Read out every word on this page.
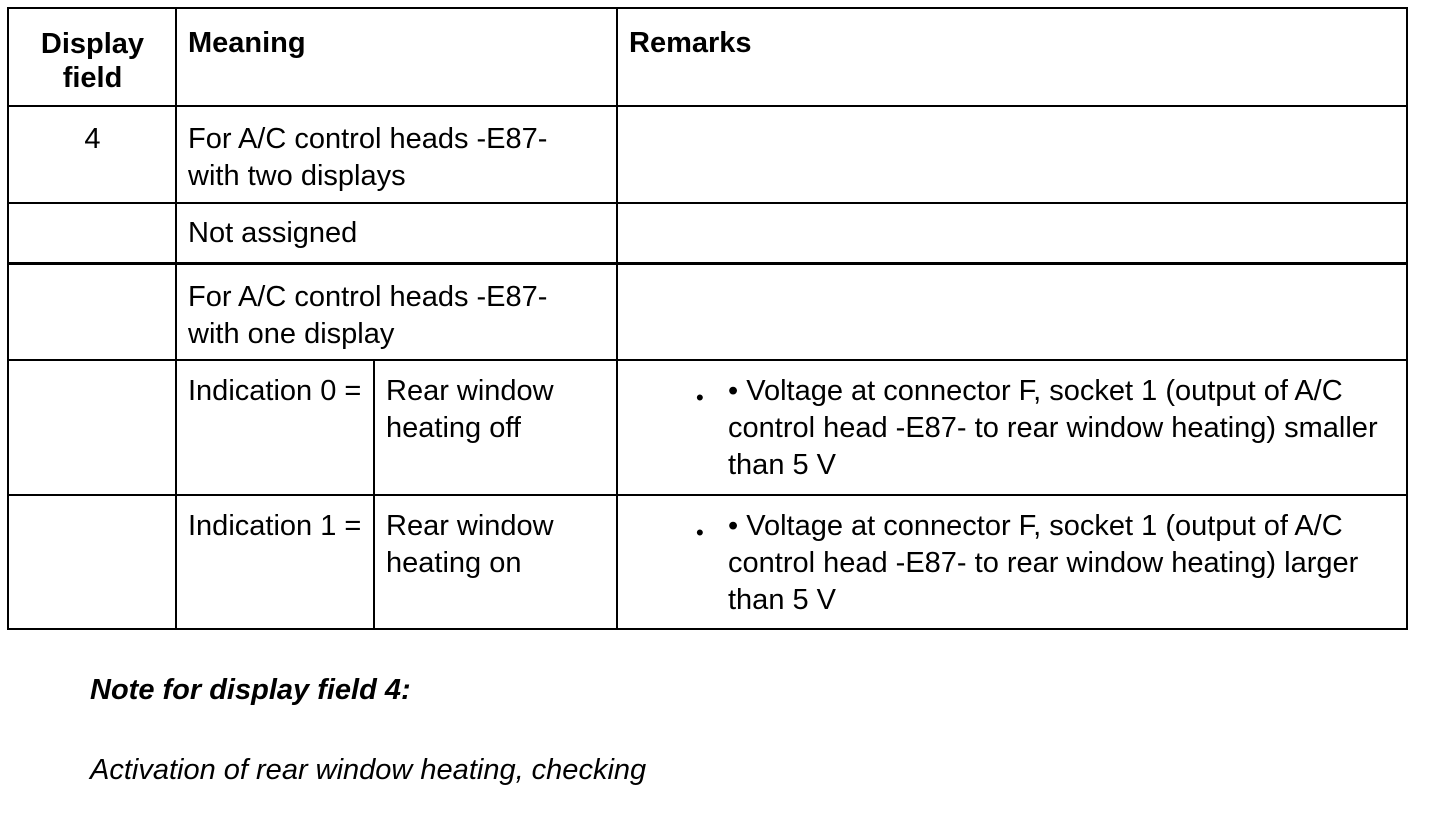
Display field	Meaning		Remarks
4	For A/C control heads -E87- with two displays		
	Not assigned		
	For A/C control heads -E87- with one display		
	Indication 0 =	Rear window heating off	• • Voltage at connector F, socket 1 (output of A/C control head -E87- to rear window heating) smaller than 5 V
	Indication 1 =	Rear window heating on	• • Voltage at connector F, socket 1 (output of A/C control head -E87- to rear window heating) larger than 5 V

Note for display field 4:

Activation of rear window heating, checking
